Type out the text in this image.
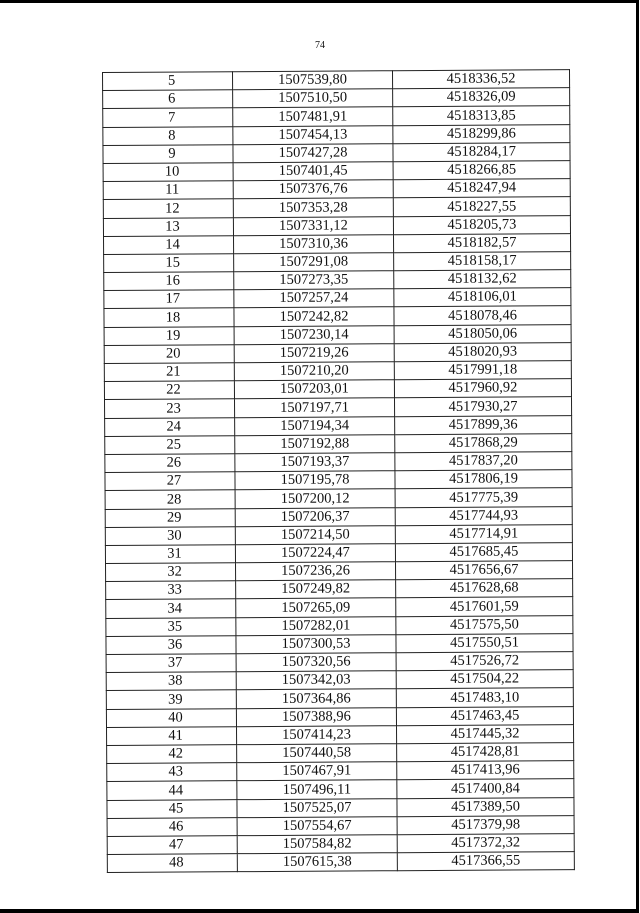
74
5	1507539,80	4518336,52
6	1507510,50	4518326,09
7	1507481,91	4518313,85
8	1507454,13	4518299,86
9	1507427,28	4518284,17
10	1507401,45	4518266,85
11	1507376,76	4518247,94
12	1507353,28	4518227,55
13	1507331,12	4518205,73
14	1507310,36	4518182,57
15	1507291,08	4518158,17
16	1507273,35	4518132,62
17	1507257,24	4518106,01
18	1507242,82	4518078,46
19	1507230,14	4518050,06
20	1507219,26	4518020,93
21	1507210,20	4517991,18
22	1507203,01	4517960,92
23	1507197,71	4517930,27
24	1507194,34	4517899,36
25	1507192,88	4517868,29
26	1507193,37	4517837,20
27	1507195,78	4517806,19
28	1507200,12	4517775,39
29	1507206,37	4517744,93
30	1507214,50	4517714,91
31	1507224,47	4517685,45
32	1507236,26	4517656,67
33	1507249,82	4517628,68
34	1507265,09	4517601,59
35	1507282,01	4517575,50
36	1507300,53	4517550,51
37	1507320,56	4517526,72
38	1507342,03	4517504,22
39	1507364,86	4517483,10
40	1507388,96	4517463,45
41	1507414,23	4517445,32
42	1507440,58	4517428,81
43	1507467,91	4517413,96
44	1507496,11	4517400,84
45	1507525,07	4517389,50
46	1507554,67	4517379,98
47	1507584,82	4517372,32
48	1507615,38	4517366,55
